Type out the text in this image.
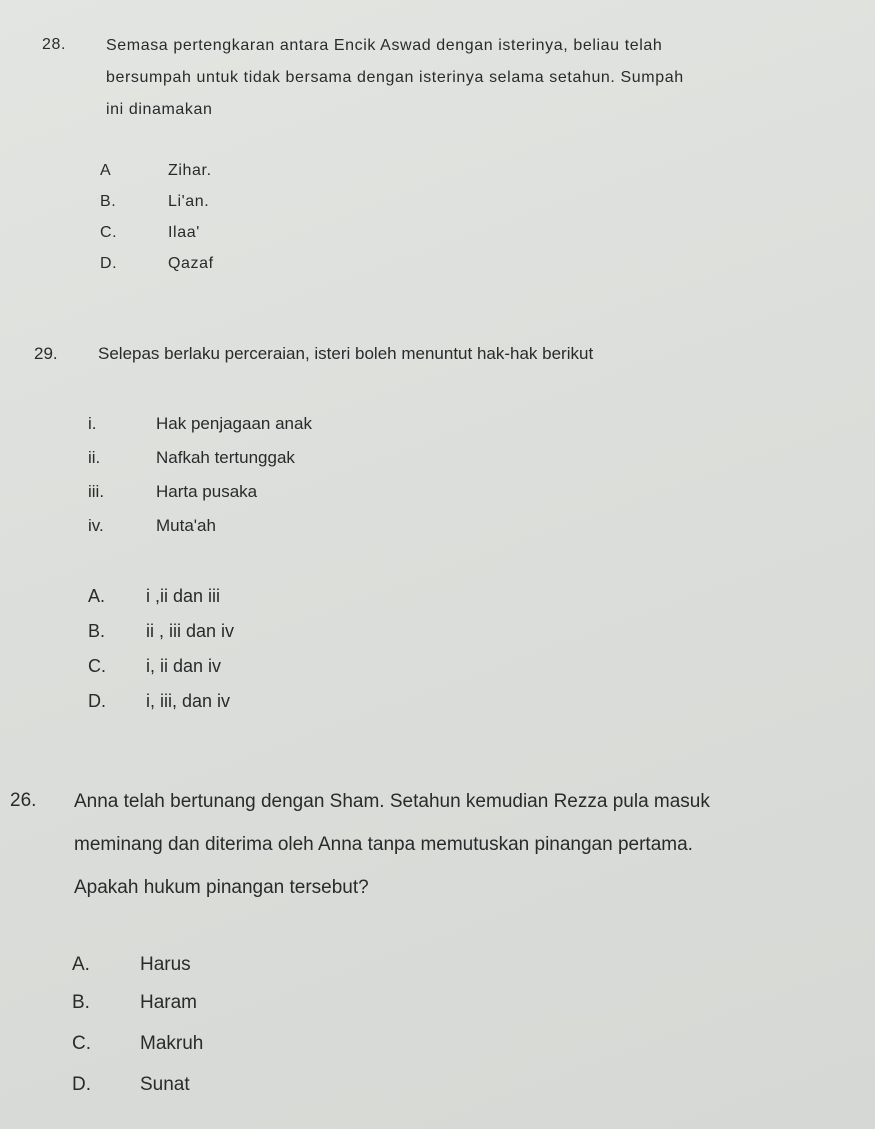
28. Semasa pertengkaran antara Encik Aswad dengan isterinya, beliau telah
bersumpah untuk tidak bersama dengan isterinya selama setahun. Sumpah
ini dinamakan
A	Zihar.
B.	Li'an.
C.	Ilaa'
D.	Qazaf
29. Selepas berlaku perceraian, isteri boleh menuntut hak-hak berikut
i.	Hak penjagaan anak
ii.	Nafkah tertunggak
iii.	Harta pusaka
iv.	Muta'ah
A. i ,ii dan iii
B. ii , iii dan iv
C. i, ii dan iv
D. i, iii, dan iv
26. Anna telah bertunang dengan Sham. Setahun kemudian Rezza pula masuk
meminang dan diterima oleh Anna tanpa memutuskan pinangan pertama.
Apakah hukum pinangan tersebut?
A.	Harus
B.	Haram
C.	Makruh
D.	Sunat
